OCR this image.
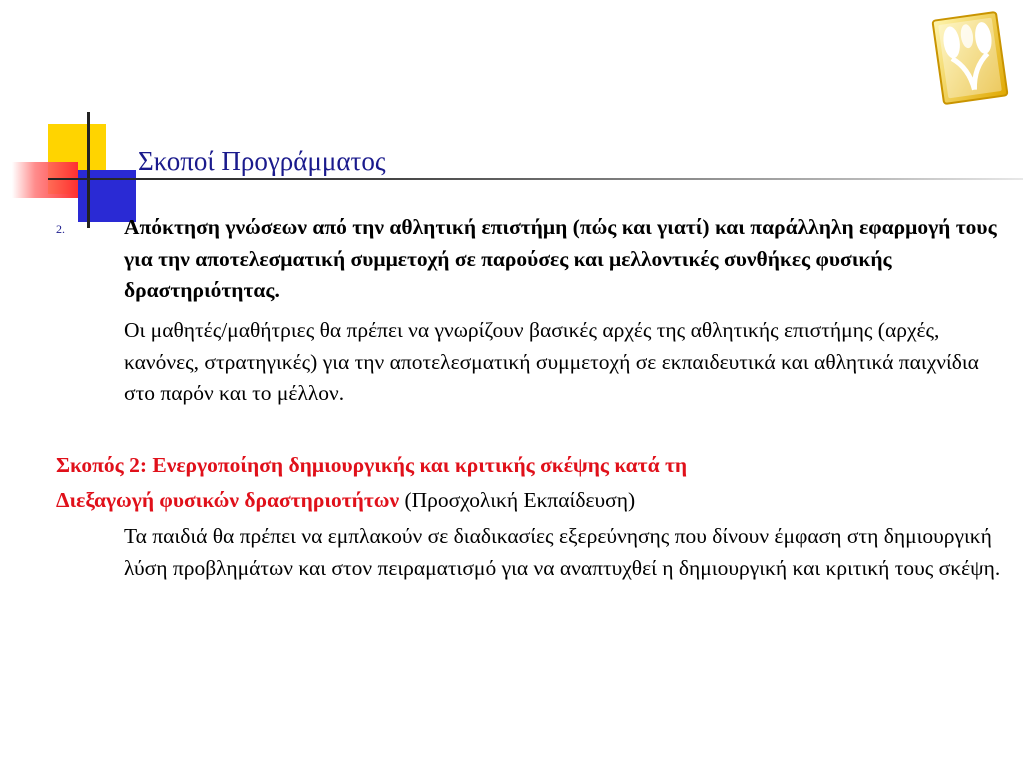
Σκοποί Προγράμματος
2.	Απόκτηση γνώσεων από την αθλητική επιστήμη (πώς και γιατί) και παράλληλη εφαρμογή τους για την αποτελεσματική συμμετοχή σε παρούσες και μελλοντικές συνθήκες φυσικής δραστηριότητας.
Οι μαθητές/μαθήτριες θα πρέπει να γνωρίζουν βασικές αρχές της αθλητικής επιστήμης (αρχές, κανόνες, στρατηγικές) για την αποτελεσματική συμμετοχή σε εκπαιδευτικά και αθλητικά παιχνίδια στο παρόν και το μέλλον.
Σκοπός 2: Ενεργοποίηση δημιουργικής και κριτικής σκέψης κατά τη
Διεξαγωγή φυσικών δραστηριοτήτων (Προσχολική Εκπαίδευση)
Τα παιδιά θα πρέπει να εμπλακούν σε διαδικασίες εξερεύνησης που δίνουν έμφαση στη δημιουργική λύση προβλημάτων και στον πειραματισμό για να αναπτυχθεί η δημιουργική και κριτική τους σκέψη.
